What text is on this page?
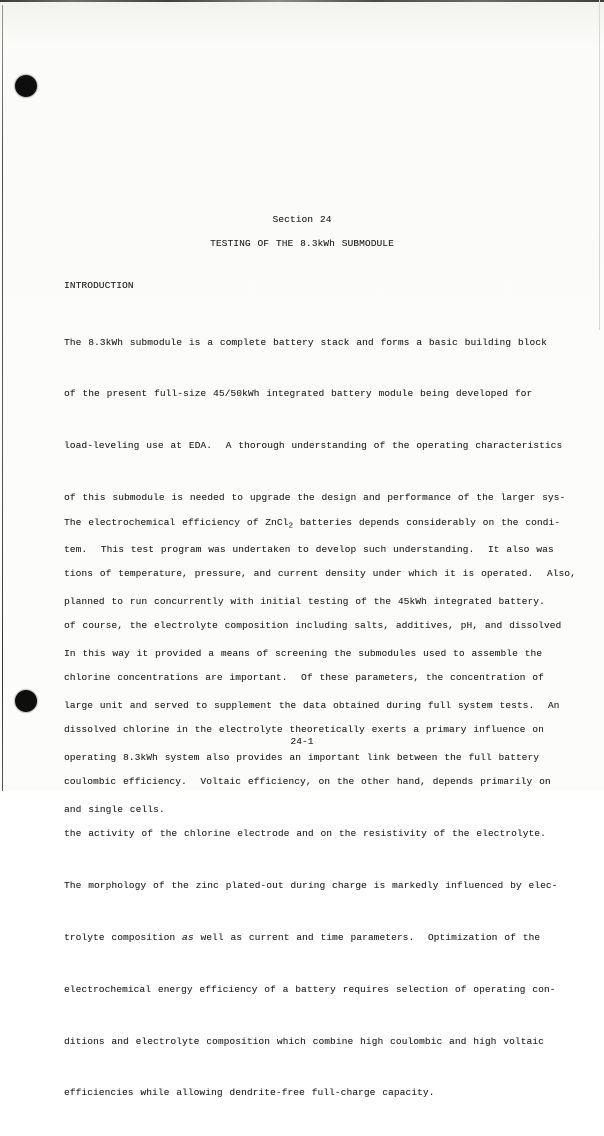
Section 24
TESTING OF THE 8.3kWh SUBMODULE
INTRODUCTION

The 8.3kWh submodule is a complete battery stack and forms a basic building block

of the present full-size 45/50kWh integrated battery module being developed for

load-leveling use at EDA.  A thorough understanding of the operating characteristics

of this submodule is needed to upgrade the design and performance of the larger sys-

tem.  This test program was undertaken to develop such understanding.  It also was

planned to run concurrently with initial testing of the 45kWh integrated battery.

In this way it provided a means of screening the submodules used to assemble the

large unit and served to supplement the data obtained during full system tests.  An

operating 8.3kWh system also provides an important link between the full battery

and single cells.

The electrochemical efficiency of ZnCl$_2$ batteries depends considerably on the condi-

tions of temperature, pressure, and current density under which it is operated.  Also,

of course, the electrolyte composition including salts, additives, pH, and dissolved

chlorine concentrations are important.  Of these parameters, the concentration of

dissolved chlorine in the electrolyte theoretically exerts a primary influence on

coulombic efficiency.  Voltaic efficiency, on the other hand, depends primarily on

the activity of the chlorine electrode and on the resistivity of the electrolyte.

The morphology of the zinc plated-out during charge is markedly influenced by elec-

trolyte composition as well as current and time parameters.  Optimization of the

electrochemical energy efficiency of a battery requires selection of operating con-

ditions and electrolyte composition which combine high coulombic and high voltaic

efficiencies while allowing dendrite-free full-charge capacity.

24-1
